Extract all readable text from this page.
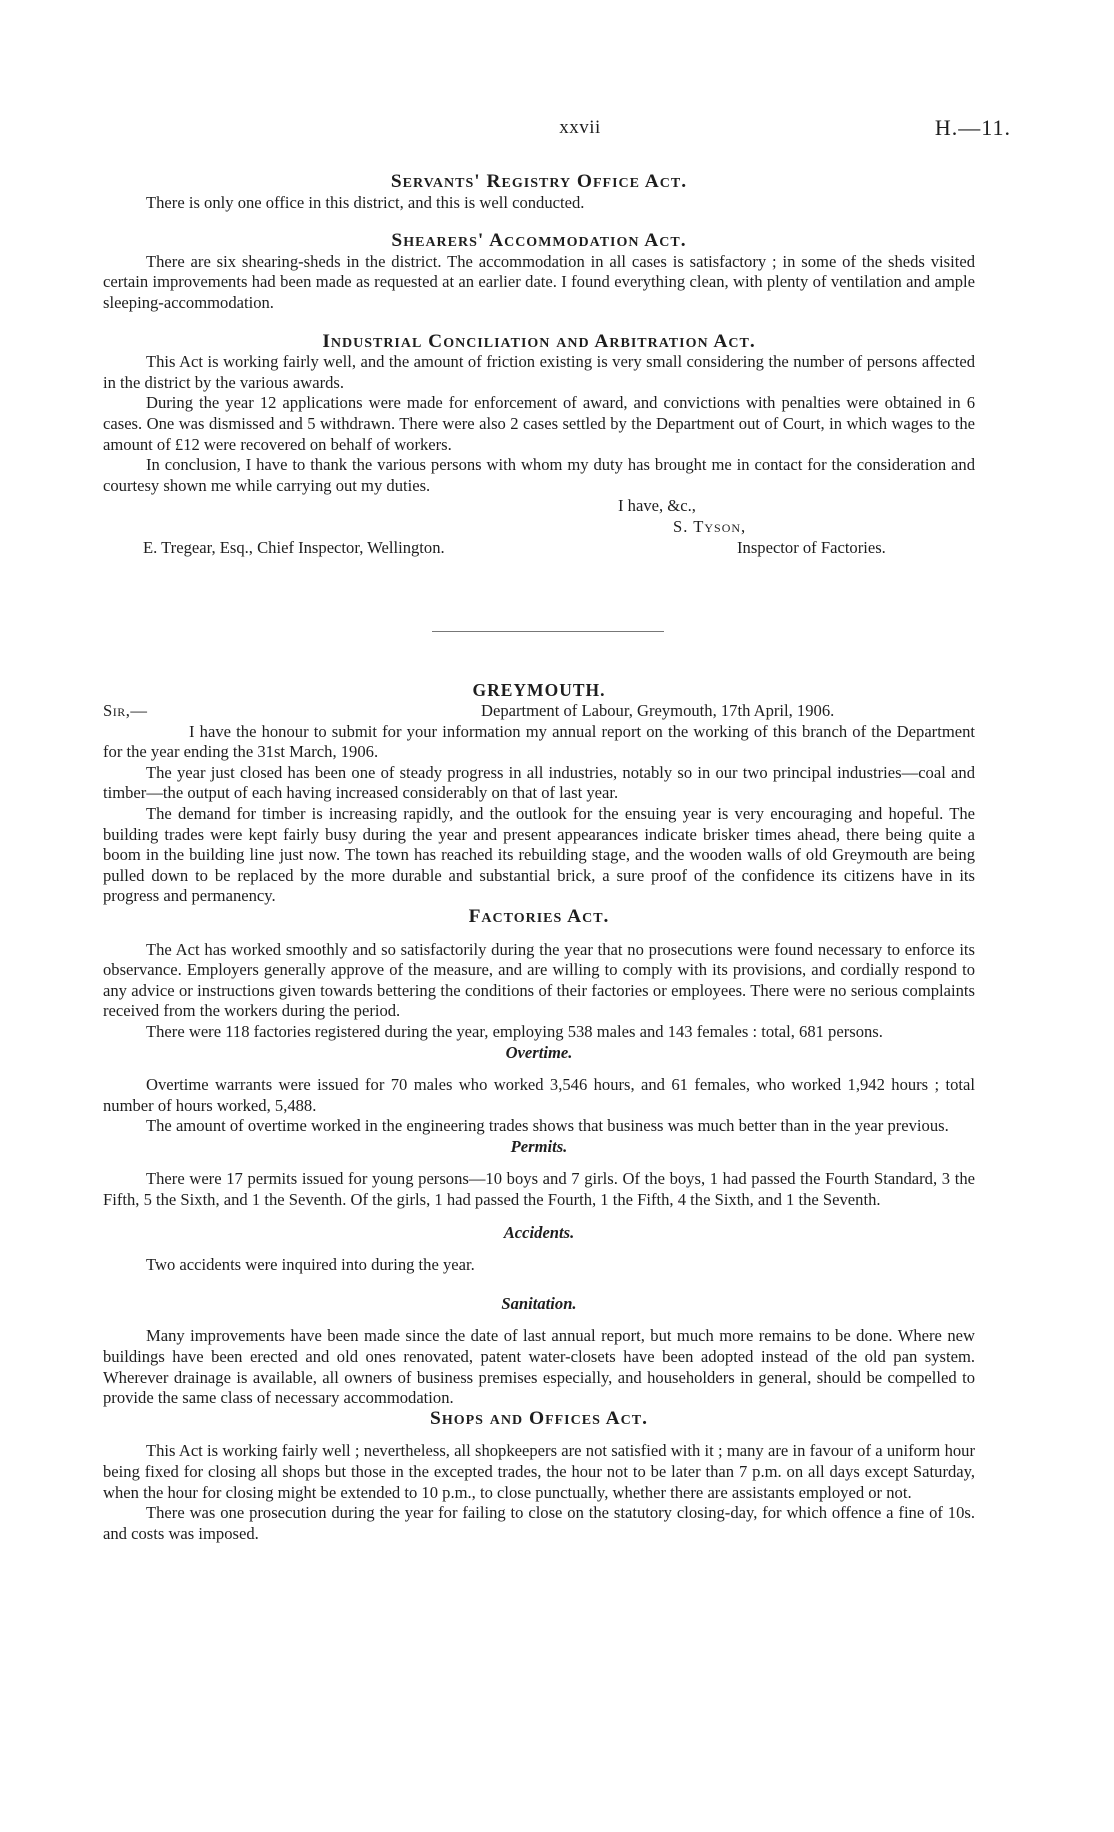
xxvii	H.—11.
Servants' Registry Office Act.

There is only one office in this district, and this is well conducted.

Shearers' Accommodation Act.

There are six shearing-sheds in the district. The accommodation in all cases is satisfactory ; in some of the sheds visited certain improvements had been made as requested at an earlier date. I found everything clean, with plenty of ventilation and ample sleeping-accommodation.

Industrial Conciliation and Arbitration Act.

This Act is working fairly well, and the amount of friction existing is very small considering the number of persons affected in the district by the various awards.

During the year 12 applications were made for enforcement of award, and convictions with penalties were obtained in 6 cases. One was dismissed and 5 withdrawn. There were also 2 cases settled by the Department out of Court, in which wages to the amount of £12 were recovered on behalf of workers.

In conclusion, I have to thank the various persons with whom my duty has brought me in contact for the consideration and courtesy shown me while carrying out my duties.

I have, &c.,
S. Tyson,
E. Tregear, Esq., Chief Inspector, Wellington.	Inspector of Factories.
GREYMOUTH.
Sir,—	Department of Labour, Greymouth, 17th April, 1906.

I have the honour to submit for your information my annual report on the working of this branch of the Department for the year ending the 31st March, 1906.

The year just closed has been one of steady progress in all industries, notably so in our two principal industries—coal and timber—the output of each having increased considerably on that of last year.

The demand for timber is increasing rapidly, and the outlook for the ensuing year is very encouraging and hopeful. The building trades were kept fairly busy during the year and present appearances indicate brisker times ahead, there being quite a boom in the building line just now. The town has reached its rebuilding stage, and the wooden walls of old Greymouth are being pulled down to be replaced by the more durable and substantial brick, a sure proof of the confidence its citizens have in its progress and permanency.

Factories Act.

The Act has worked smoothly and so satisfactorily during the year that no prosecutions were found necessary to enforce its observance. Employers generally approve of the measure, and are willing to comply with its provisions, and cordially respond to any advice or instructions given towards bettering the conditions of their factories or employees. There were no serious complaints received from the workers during the period.

There were 118 factories registered during the year, employing 538 males and 143 females : total, 681 persons.

Overtime.

Overtime warrants were issued for 70 males who worked 3,546 hours, and 61 females, who worked 1,942 hours ; total number of hours worked, 5,488.

The amount of overtime worked in the engineering trades shows that business was much better than in the year previous.

Permits.

There were 17 permits issued for young persons—10 boys and 7 girls. Of the boys, 1 had passed the Fourth Standard, 3 the Fifth, 5 the Sixth, and 1 the Seventh. Of the girls, 1 had passed the Fourth, 1 the Fifth, 4 the Sixth, and 1 the Seventh.

Accidents.

Two accidents were inquired into during the year.

Sanitation.

Many improvements have been made since the date of last annual report, but much more remains to be done. Where new buildings have been erected and old ones renovated, patent water-closets have been adopted instead of the old pan system. Wherever drainage is available, all owners of business premises especially, and householders in general, should be compelled to provide the same class of necessary accommodation.

Shops and Offices Act.

This Act is working fairly well ; nevertheless, all shopkeepers are not satisfied with it ; many are in favour of a uniform hour being fixed for closing all shops but those in the excepted trades, the hour not to be later than 7 p.m. on all days except Saturday, when the hour for closing might be extended to 10 p.m., to close punctually, whether there are assistants employed or not.

There was one prosecution during the year for failing to close on the statutory closing-day, for which offence a fine of 10s. and costs was imposed.
